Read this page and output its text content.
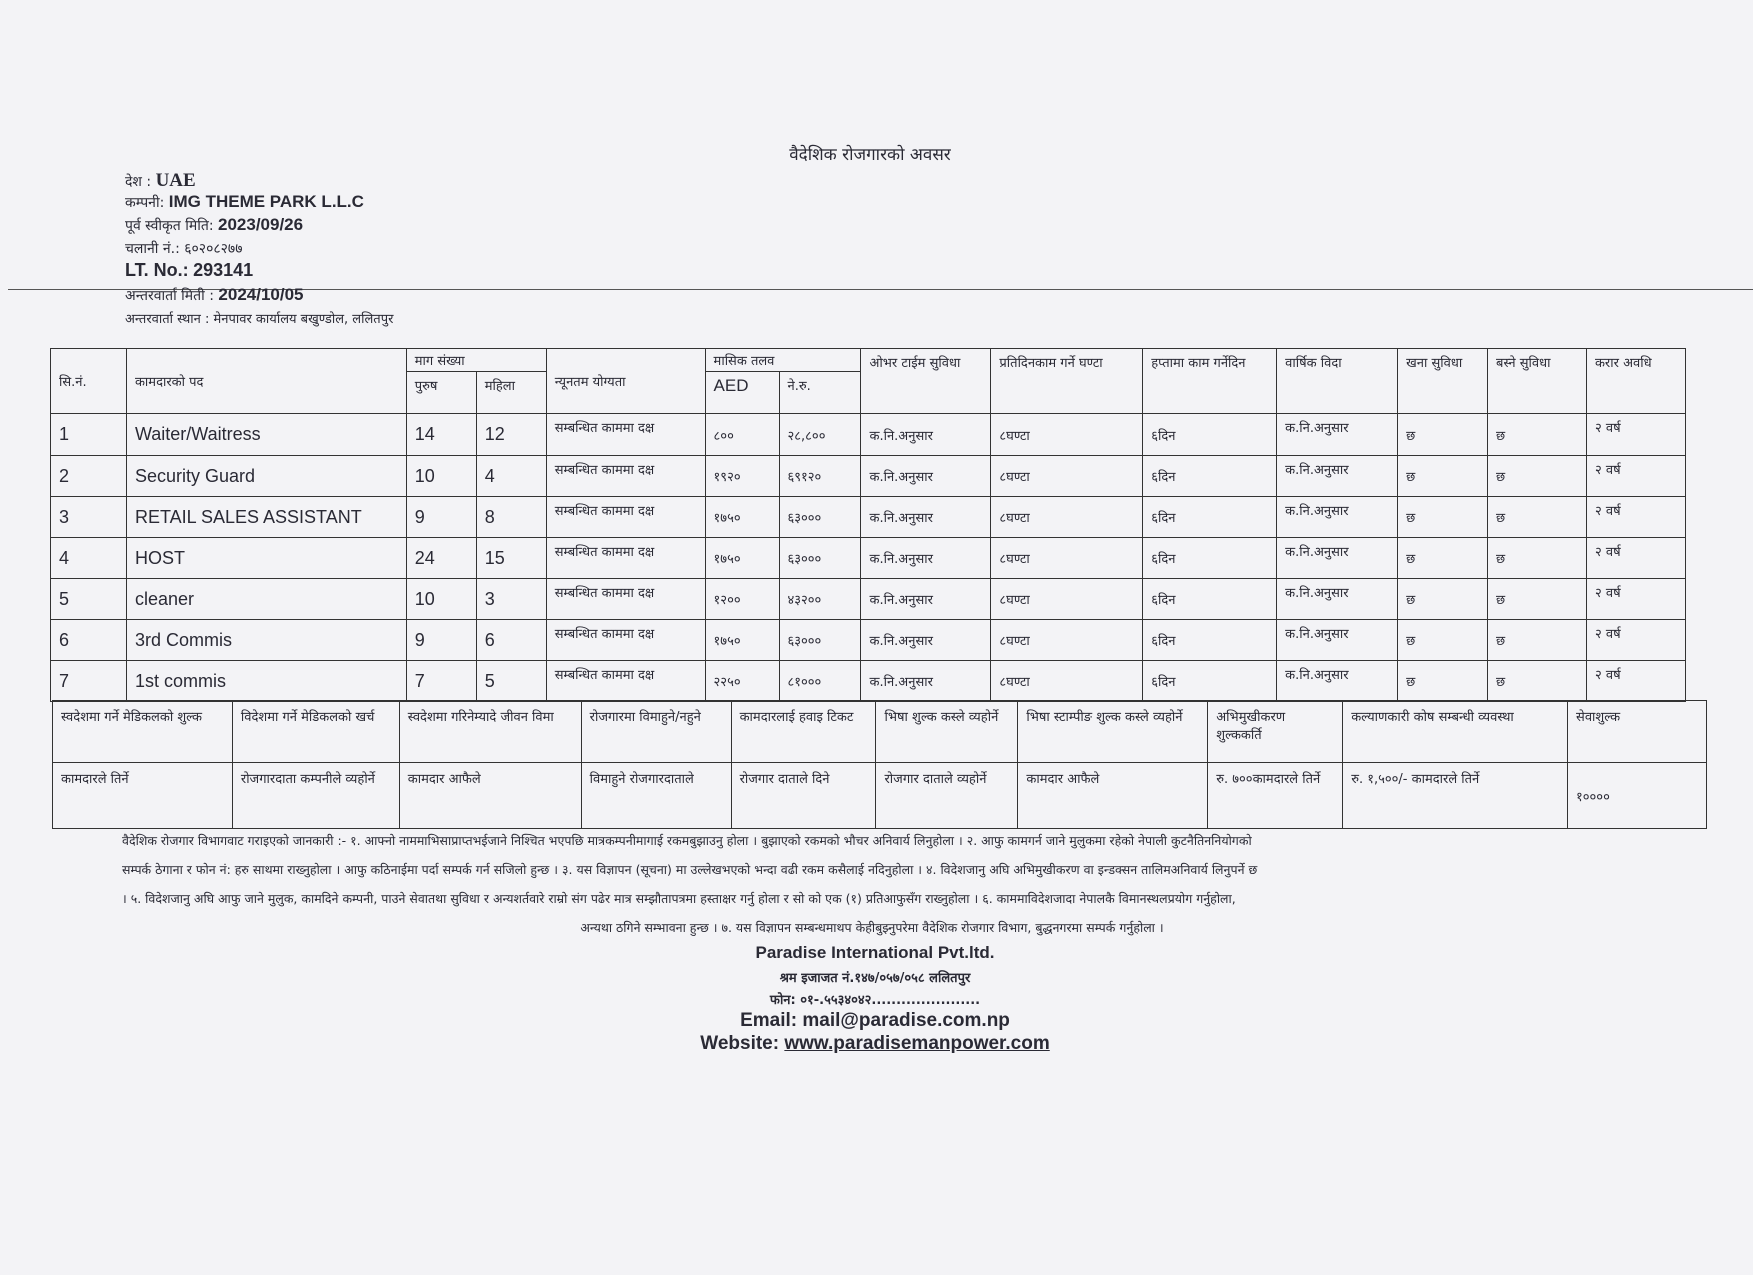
वैदेशिक रोजगारको अवसर
देश : UAE
कम्पनी: IMG THEME PARK L.L.C
पूर्व स्वीकृत मिति: 2023/09/26
चलानी नं.: ६०२०८२७७
LT. No.: 293141
अन्तरवार्ता मिती : 2024/10/05
अन्तरवार्ता स्थान : मेनपावर कार्यालय बखुण्डोल, ललितपुर
सि.नं.	कामदारको पद	माग संख्या		न्यूनतम योग्यता	मासिक तलव		ओभर टाईम सुविधा	प्रतिदिनकाम गर्ने घण्टा	हप्तामा काम गर्नेदिन	वार्षिक विदा	खना सुविधा	बस्ने सुविधा	करार अवधि
		पुरुष	महिला		AED	ने.रु.							
1	Waiter/Waitress	14	12	सम्बन्धित काममा दक्ष	८००	२८,८००	क.नि.अनुसार	८घण्टा	६दिन	क.नि.अनुसार	छ	छ	२ वर्ष
2	Security Guard	10	4	सम्बन्धित काममा दक्ष	१९२०	६९१२०	क.नि.अनुसार	८घण्टा	६दिन	क.नि.अनुसार	छ	छ	२ वर्ष
3	RETAIL SALES ASSISTANT	9	8	सम्बन्धित काममा दक्ष	१७५०	६३०००	क.नि.अनुसार	८घण्टा	६दिन	क.नि.अनुसार	छ	छ	२ वर्ष
4	HOST	24	15	सम्बन्धित काममा दक्ष	१७५०	६३०००	क.नि.अनुसार	८घण्टा	६दिन	क.नि.अनुसार	छ	छ	२ वर्ष
5	cleaner	10	3	सम्बन्धित काममा दक्ष	१२००	४३२००	क.नि.अनुसार	८घण्टा	६दिन	क.नि.अनुसार	छ	छ	२ वर्ष
6	3rd Commis	9	6	सम्बन्धित काममा दक्ष	१७५०	६३०००	क.नि.अनुसार	८घण्टा	६दिन	क.नि.अनुसार	छ	छ	२ वर्ष
7	1st commis	7	5	सम्बन्धित काममा दक्ष	२२५०	८१०००	क.नि.अनुसार	८घण्टा	६दिन	क.नि.अनुसार	छ	छ	२ वर्ष
स्वदेशमा गर्ने मेडिकलको शुल्क	विदेशमा गर्ने मेडिकलको खर्च	स्वदेशमा गरिनेम्यादे जीवन विमा	रोजगारमा विमाहुने/नहुने	कामदारलाई हवाइ टिकट	भिषा शुल्क कस्ले व्यहोर्ने	भिषा स्टाम्पीङ शुल्क कस्ले व्यहोर्ने	अभिमुखीकरण शुल्ककर्ति	कल्याणकारी कोष सम्बन्धी व्यवस्था	सेवाशुल्क
कामदारले तिर्ने	रोजगारदाता कम्पनीले व्यहोर्ने	कामदार आफैले	विमाहुने रोजगारदाताले	रोजगार दाताले दिने	रोजगार दाताले व्यहोर्ने	कामदार आफैले	रु. ७००कामदारले तिर्ने	रु. १,५००/- कामदारले तिर्ने	१००००
वैदेशिक रोजगार विभागवाट गराइएको जानकारी :- १. आफ्नो नाममाभिसाप्राप्तभईजाने निश्चित भएपछि मात्रकम्पनीमागाई रकमबुझाउनु होला । बुझाएको रकमको भौचर अनिवार्य लिनुहोला । २. आफु कामगर्न जाने मुलुकमा रहेको नेपाली कुटनैतिननियोगको
सम्पर्क ठेगाना र फोन नं: हरु साथमा राख्नुहोला । आफु कठिनाईमा पर्दा सम्पर्क गर्न सजिलो हुन्छ । ३. यस विज्ञापन (सूचना) मा उल्लेखभएको भन्दा वढी रकम कसैलाई नदिनुहोला । ४. विदेशजानु अघि अभिमुखीकरण वा इन्डक्सन तालिमअनिवार्य लिनुपर्ने छ
। ५. विदेशजानु अघि आफु जाने मुलुक, कामदिने कम्पनी, पाउने सेवातथा सुविधा र अन्यशर्तवारे राम्रो संग पढेर मात्र सम्झौतापत्रमा हस्ताक्षर गर्नु होला र सो को एक (१) प्रतिआफुसँग राख्नुहोला । ६. काममाविदेशजादा नेपालकै विमानस्थलप्रयोग गर्नुहोला,
अन्यथा ठगिने सम्भावना हुन्छ । ७. यस विज्ञापन सम्बन्धमाथप केहीबुझ्नुपरेमा वैदेशिक रोजगार विभाग, बुद्धनगरमा सम्पर्क गर्नुहोला ।
Paradise International Pvt.ltd.
श्रम इजाजत नं.१४७/०५७/०५८ ललितपुर
फोन: ०१-.५५३४०४२......................
Email: mail@paradise.com.np
Website: www.paradisemanpower.com
